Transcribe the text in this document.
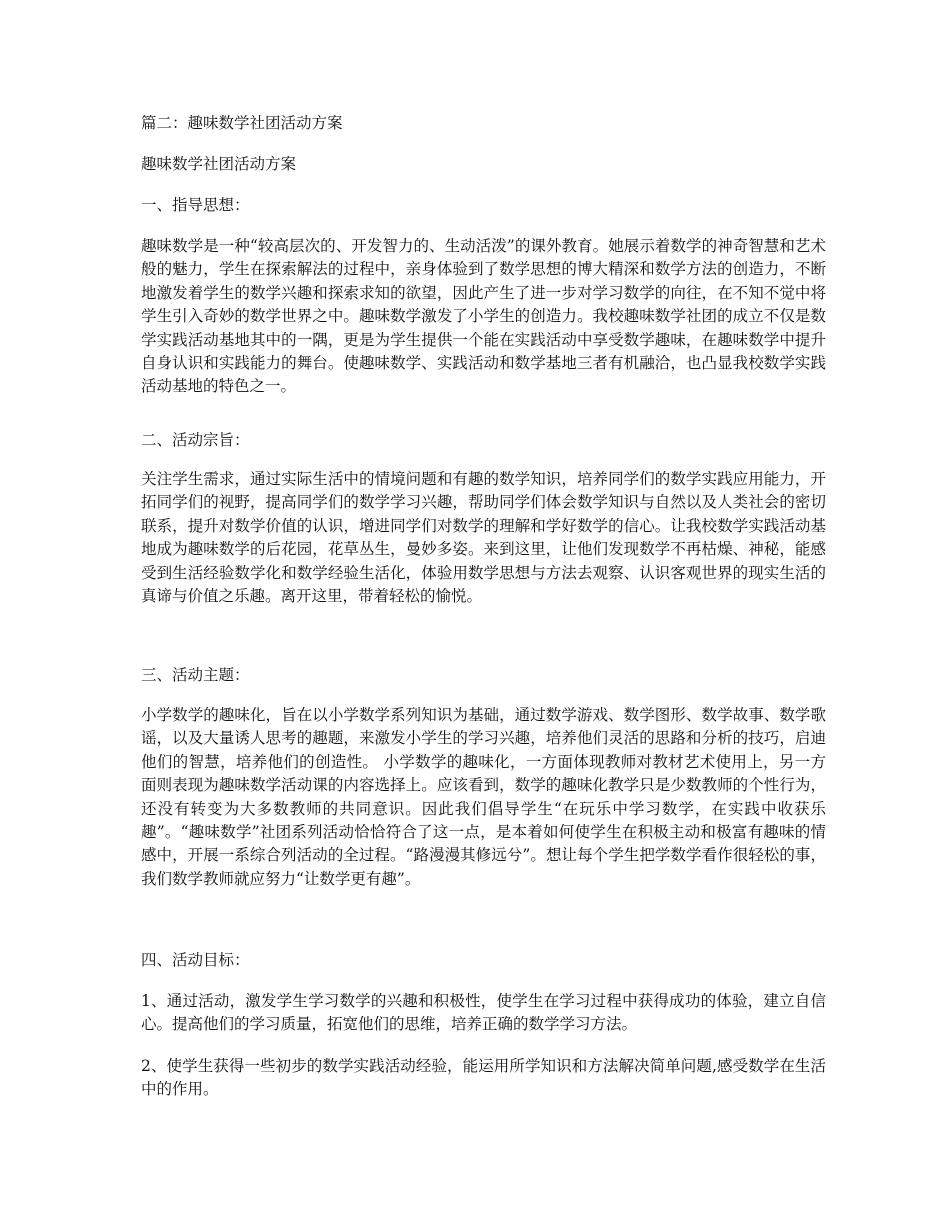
篇二：趣味数学社团活动方案
趣味数学社团活动方案
一、指导思想：

趣味数学是一种“较高层次的、开发智力的、生动活泼”的课外教育。她展示着数学的神奇智慧和艺术般的魅力，学生在探索解法的过程中，亲身体验到了数学思想的博大精深和数学方法的创造力，不断地激发着学生的数学兴趣和探索求知的欲望，因此产生了进一步对学习数学的向往，在不知不觉中将学生引入奇妙的数学世界之中。趣味数学激发了小学生的创造力。我校趣味数学社团的成立不仅是数学实践活动基地其中的一隅，更是为学生提供一个能在实践活动中享受数学趣味，在趣味数学中提升自身认识和实践能力的舞台。使趣味数学、实践活动和数学基地三者有机融洽，也凸显我校数学实践活动基地的特色之一。

二、活动宗旨：

关注学生需求，通过实际生活中的情境问题和有趣的数学知识，培养同学们的数学实践应用能力，开拓同学们的视野，提高同学们的数学学习兴趣，帮助同学们体会数学知识与自然以及人类社会的密切联系，提升对数学价值的认识，增进同学们对数学的理解和学好数学的信心。让我校数学实践活动基地成为趣味数学的后花园，花草丛生，曼妙多姿。来到这里，让他们发现数学不再枯燥、神秘，能感受到生活经验数学化和数学经验生活化，体验用数学思想与方法去观察、认识客观世界的现实生活的真谛与价值之乐趣。离开这里，带着轻松的愉悦。

三、活动主题：

小学数学的趣味化，旨在以小学数学系列知识为基础，通过数学游戏、数学图形、数学故事、数学歌谣，以及大量诱人思考的趣题，来激发小学生的学习兴趣，培养他们灵活的思路和分析的技巧，启迪他们的智慧，培养他们的创造性。 小学数学的趣味化，一方面体现教师对教材艺术使用上，另一方面则表现为趣味数学活动课的内容选择上。应该看到，数学的趣味化教学只是少数教师的个性行为，还没有转变为大多数教师的共同意识。因此我们倡导学生“在玩乐中学习数学，在实践中收获乐趣”。“趣味数学”社团系列活动恰恰符合了这一点，是本着如何使学生在积极主动和极富有趣味的情感中，开展一系综合列活动的全过程。“路漫漫其修远兮”。想让每个学生把学数学看作很轻松的事，我们数学教师就应努力“让数学更有趣”。

四、活动目标：

1、通过活动，激发学生学习数学的兴趣和积极性，使学生在学习过程中获得成功的体验，建立自信心。提高他们的学习质量，拓宽他们的思维，培养正确的数学学习方法。

2、使学生获得一些初步的数学实践活动经验，能运用所学知识和方法解决简单问题,感受数学在生活中的作用。
